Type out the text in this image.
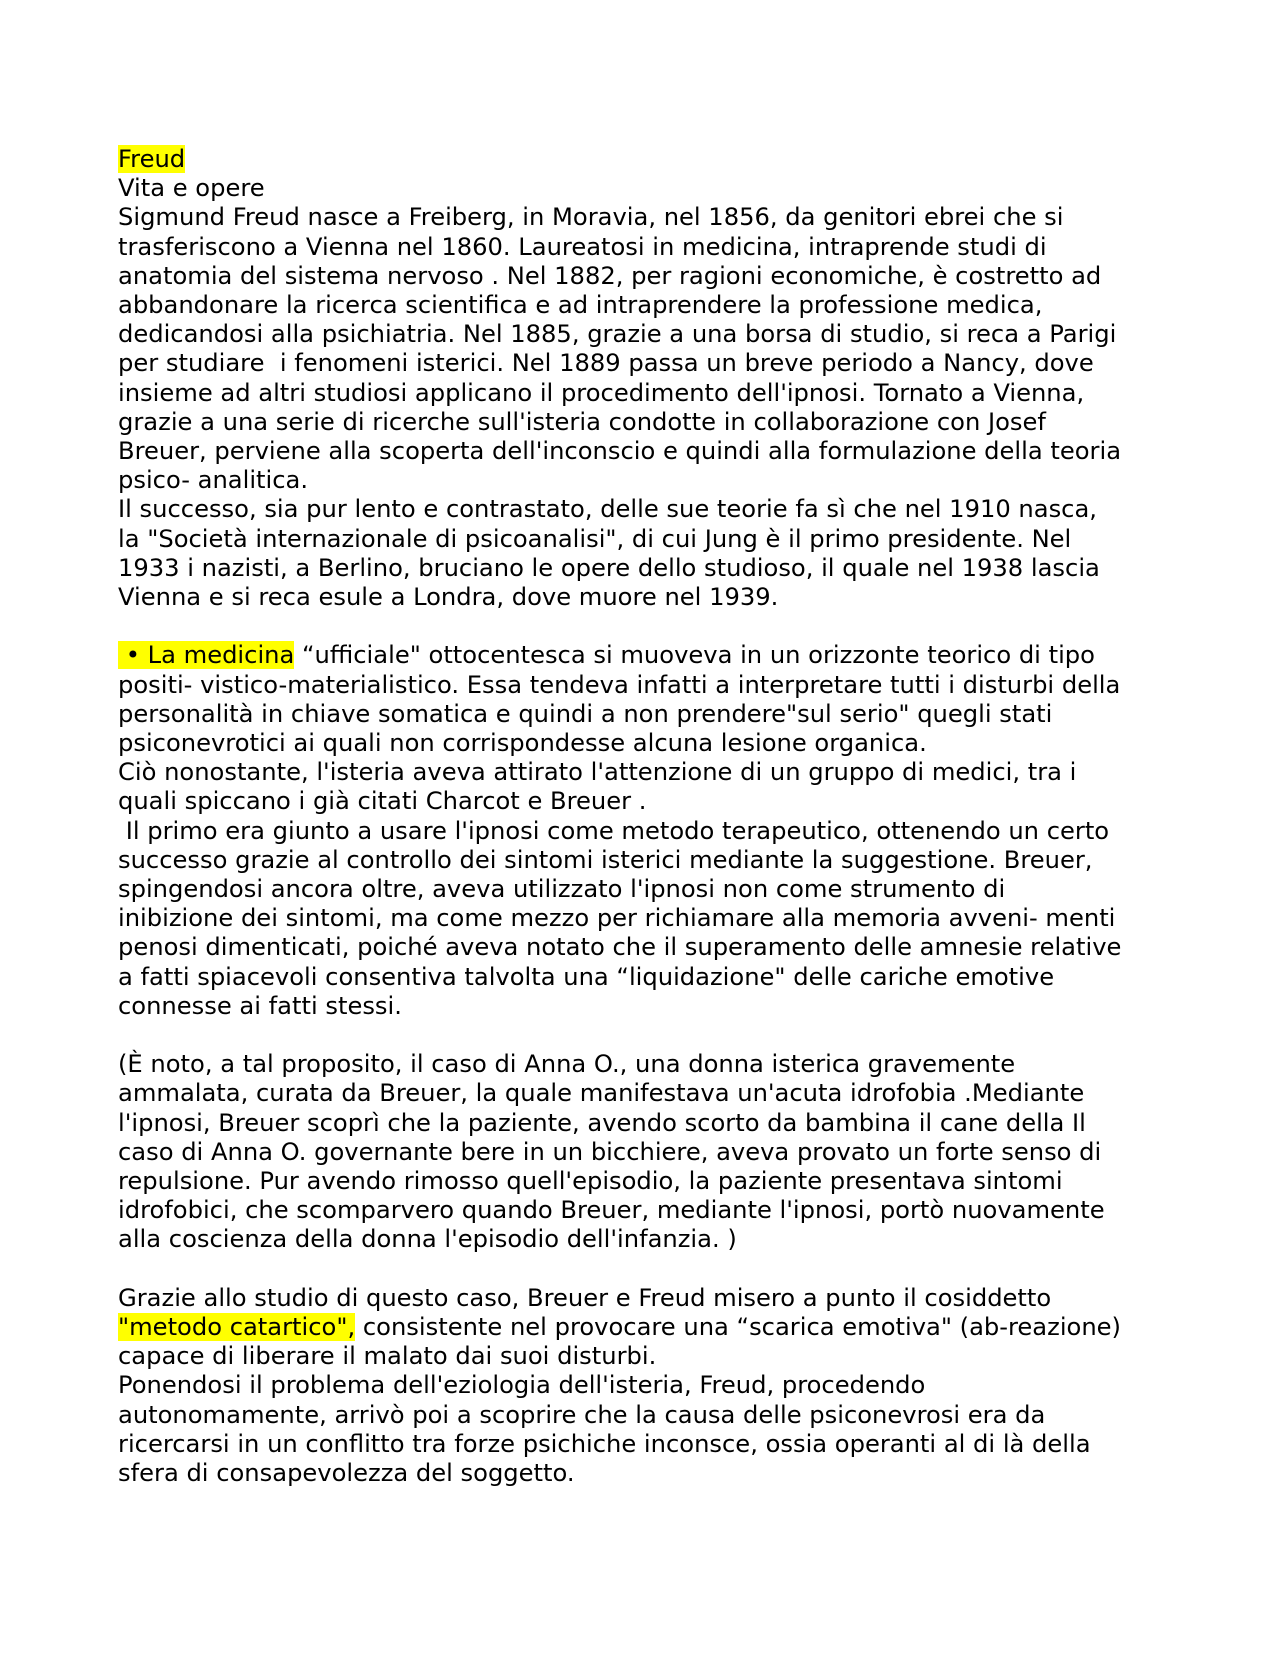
Freud
Vita e opere
Sigmund Freud nasce a Freiberg, in Moravia, nel 1856, da genitori ebrei che si
trasferiscono a Vienna nel 1860. Laureatosi in medicina, intraprende studi di
anatomia del sistema nervoso . Nel 1882, per ragioni economiche, è costretto ad
abbandonare la ricerca scientifica e ad intraprendere la professione medica,
dedicandosi alla psichiatria. Nel 1885, grazie a una borsa di studio, si reca a Parigi
per studiare  i fenomeni isterici. Nel 1889 passa un breve periodo a Nancy, dove
insieme ad altri studiosi applicano il procedimento dell'ipnosi. Tornato a Vienna,
grazie a una serie di ricerche sull'isteria condotte in collaborazione con Josef
Breuer, perviene alla scoperta dell'inconscio e quindi alla formulazione della teoria
psico- analitica.
Il successo, sia pur lento e contrastato, delle sue teorie fa sì che nel 1910 nasca,
la "Società internazionale di psicoanalisi", di cui Jung è il primo presidente. Nel
1933 i nazisti, a Berlino, bruciano le opere dello studioso, il quale nel 1938 lascia
Vienna e si reca esule a Londra, dove muore nel 1939.
• La medicina “ufficiale" ottocentesca si muoveva in un orizzonte teorico di tipo
positi- vistico-materialistico. Essa tendeva infatti a interpretare tutti i disturbi della
personalità in chiave somatica e quindi a non prendere"sul serio" quegli stati
psiconevrotici ai quali non corrispondesse alcuna lesione organica.
Ciò nonostante, l'isteria aveva attirato l'attenzione di un gruppo di medici, tra i
quali spiccano i già citati Charcot e Breuer .
Il primo era giunto a usare l'ipnosi come metodo terapeutico, ottenendo un certo
successo grazie al controllo dei sintomi isterici mediante la suggestione. Breuer,
spingendosi ancora oltre, aveva utilizzato l'ipnosi non come strumento di
inibizione dei sintomi, ma come mezzo per richiamare alla memoria avveni- menti
penosi dimenticati, poiché aveva notato che il superamento delle amnesie relative
a fatti spiacevoli consentiva talvolta una “liquidazione" delle cariche emotive
connesse ai fatti stessi.
(È noto, a tal proposito, il caso di Anna O., una donna isterica gravemente
ammalata, curata da Breuer, la quale manifestava un'acuta idrofobia .Mediante
l'ipnosi, Breuer scoprì che la paziente, avendo scorto da bambina il cane della Il
caso di Anna O. governante bere in un bicchiere, aveva provato un forte senso di
repulsione. Pur avendo rimosso quell'episodio, la paziente presentava sintomi
idrofobici, che scomparvero quando Breuer, mediante l'ipnosi, portò nuovamente
alla coscienza della donna l'episodio dell'infanzia. )
Grazie allo studio di questo caso, Breuer e Freud misero a punto il cosiddetto
"metodo catartico", consistente nel provocare una “scarica emotiva" (ab-reazione)
capace di liberare il malato dai suoi disturbi.
Ponendosi il problema dell'eziologia dell'isteria, Freud, procedendo
autonomamente, arrivò poi a scoprire che la causa delle psiconevrosi era da
ricercarsi in un conflitto tra forze psichiche inconsce, ossia operanti al di là della
sfera di consapevolezza del soggetto.
